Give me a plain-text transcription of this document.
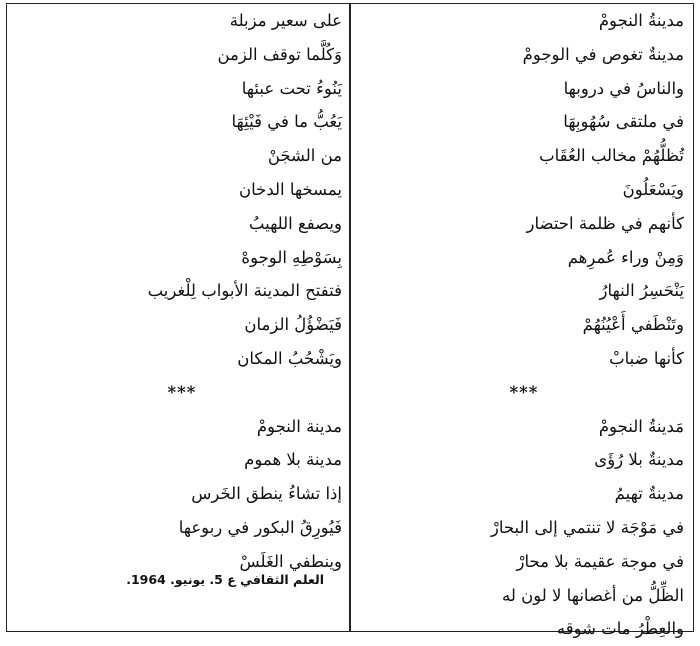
مدينةُ النجومْ
مدينةٌ تغوص في الوجومْ
والناسُ في دروبها
في ملتقى سُهُوبِهَا
تُظلُّهُمْ مخالب العُقَاب
ويَسْعَلُونَ
كأنهم في ظلمة احتضار
وَمِنْ وراء عُمرِهم
يَنْحَسِرُ النهارُ
وتَنْطَفي أَعْيُنُهُمْ
كأنها ضبابْ
***
مَدينةُ النجومْ
مدينةٌ بلا رُؤَى
مدينةٌ تهيمُ
في مَوْجَة لا تنتمي إلى البحارْ
في موجة عقيمة بلا محارْ
الظِّلُّ من أغصانها لا لون له
والعِطْرُ مات شوقه
على سعير مزبلة
وَكُلَّما توقف الزمن
يَنُوءُ تحت عبئها
يَعُبُّ ما في فَيْئِهَا
من الشجَنْ
يمسخها الدخان
ويصفع اللهيبُ
بِسَوْطِهِ الوجوهْ
فتفتح المدينة الأبواب لِلْغريب
فَيَضْؤُلُ الزمان
ويَشْحُبُ المكان
***
مدينة النجومْ
مدينة بلا هموم
إذا تشاءُ ينطق الخَرس
فَيُورِقُ البكور في ربوعها
وينطفي الغَلَسْ
العلم الثقافي ع 5. يونيو. 1964.
